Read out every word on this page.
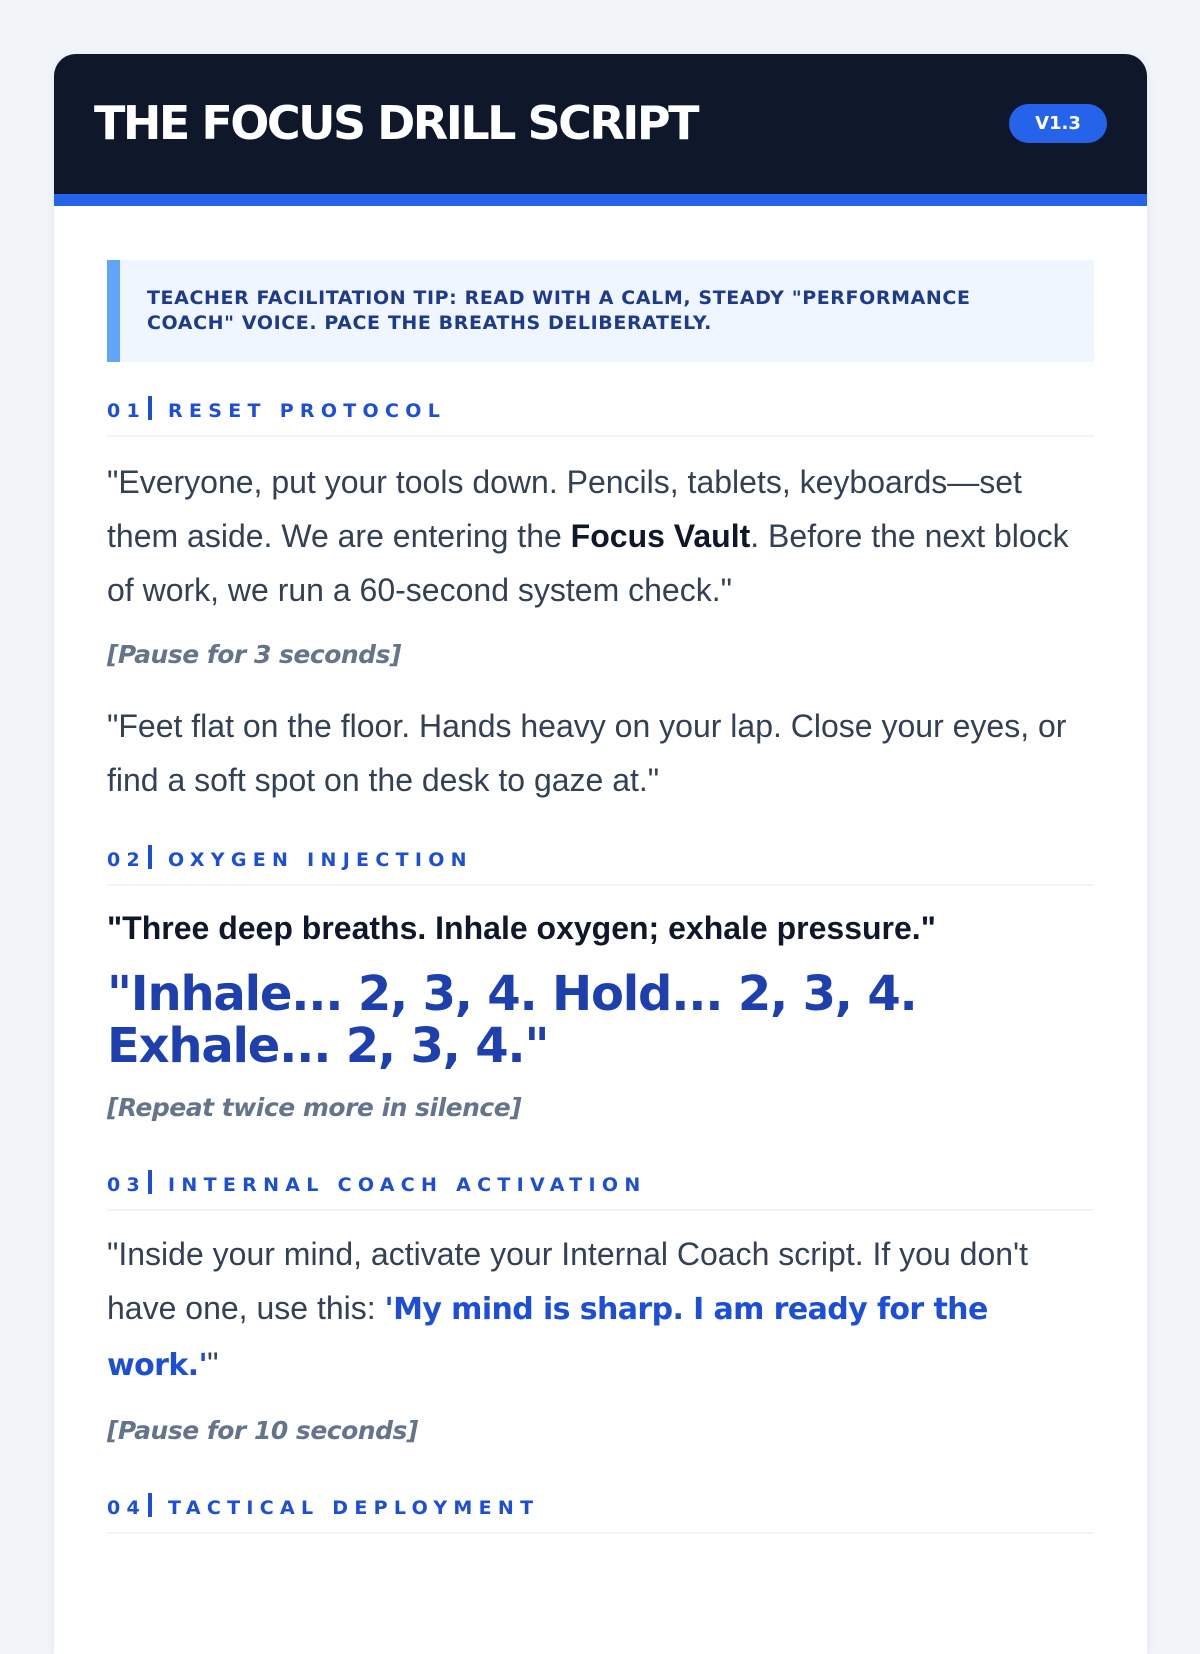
THE FOCUS DRILL SCRIPT	V1.3
TEACHER FACILITATION TIP: READ WITH A CALM, STEADY "PERFORMANCE COACH" VOICE. PACE THE BREATHS DELIBERATELY.
01 RESET PROTOCOL

"Everyone, put your tools down. Pencils, tablets, keyboards—set them aside. We are entering the Focus Vault. Before the next block of work, we run a 60-second system check."

[Pause for 3 seconds]

"Feet flat on the floor. Hands heavy on your lap. Close your eyes, or find a soft spot on the desk to gaze at."

02 OXYGEN INJECTION

"Three deep breaths. Inhale oxygen; exhale pressure."

"Inhale... 2, 3, 4. Hold... 2, 3, 4. Exhale... 2, 3, 4."

[Repeat twice more in silence]

03 INTERNAL COACH ACTIVATION

"Inside your mind, activate your Internal Coach script. If you don't have one, use this: 'My mind is sharp. I am ready for the work.'"

[Pause for 10 seconds]

04 TACTICAL DEPLOYMENT
